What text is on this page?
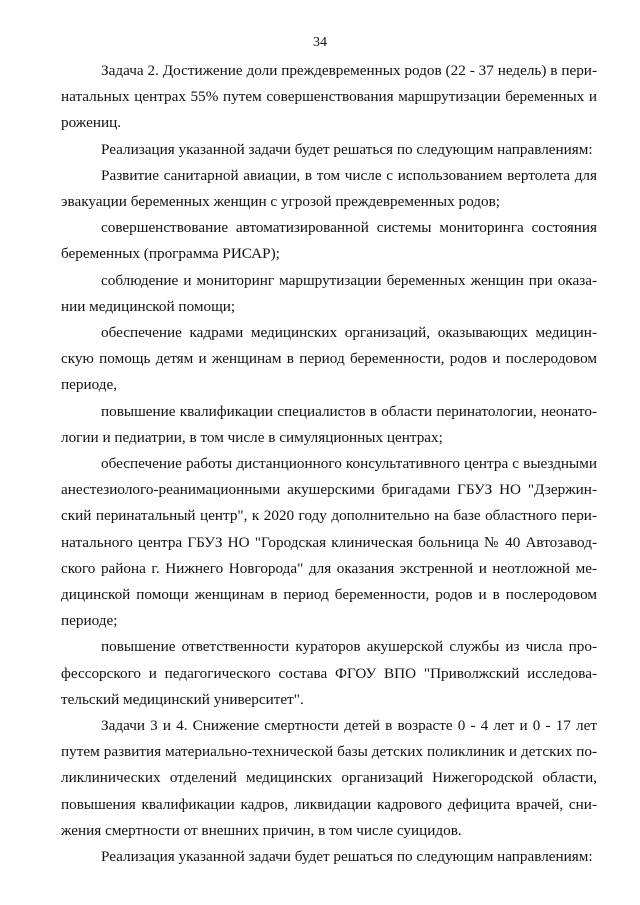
34

Задача 2. Достижение доли преждевременных родов (22 - 37 недель) в перинатальных центрах 55% путем совершенствования маршрутизации беременных и рожениц.

Реализация указанной задачи будет решаться по следующим направлениям:

Развитие санитарной авиации, в том числе с использованием вертолета для эвакуации беременных женщин с угрозой преждевременных родов;

совершенствование автоматизированной системы мониторинга состояния беременных (программа РИСАР);

соблюдение и мониторинг маршрутизации беременных женщин при оказании медицинской помощи;

обеспечение кадрами медицинских организаций, оказывающих медицинскую помощь детям и женщинам в период беременности, родов и послеродовом периоде,

повышение квалификации специалистов в области перинатологии, неонатологии и педиатрии, в том числе в симуляционных центрах;

обеспечение работы дистанционного консультативного центра с выездными анестезиолого-реанимационными акушерскими бригадами ГБУЗ НО "Дзержинский перинатальный центр", к 2020 году дополнительно на базе областного перинатального центра ГБУЗ НО "Городская клиническая больница № 40 Автозаводского района г. Нижнего Новгорода" для оказания экстренной и неотложной медицинской помощи женщинам в период беременности, родов и в послеродовом периоде;

повышение ответственности кураторов акушерской службы из числа профессорского и педагогического состава ФГОУ ВПО "Приволжский исследовательский медицинский университет".

Задачи 3 и 4. Снижение смертности детей в возрасте 0 - 4 лет и 0 - 17 лет путем развития материально-технической базы детских поликлиник и детских поликлинических отделений медицинских организаций Нижегородской области, повышения квалификации кадров, ликвидации кадрового дефицита врачей, снижения смертности от внешних причин, в том числе суицидов.

Реализация указанной задачи будет решаться по следующим направлениям:
